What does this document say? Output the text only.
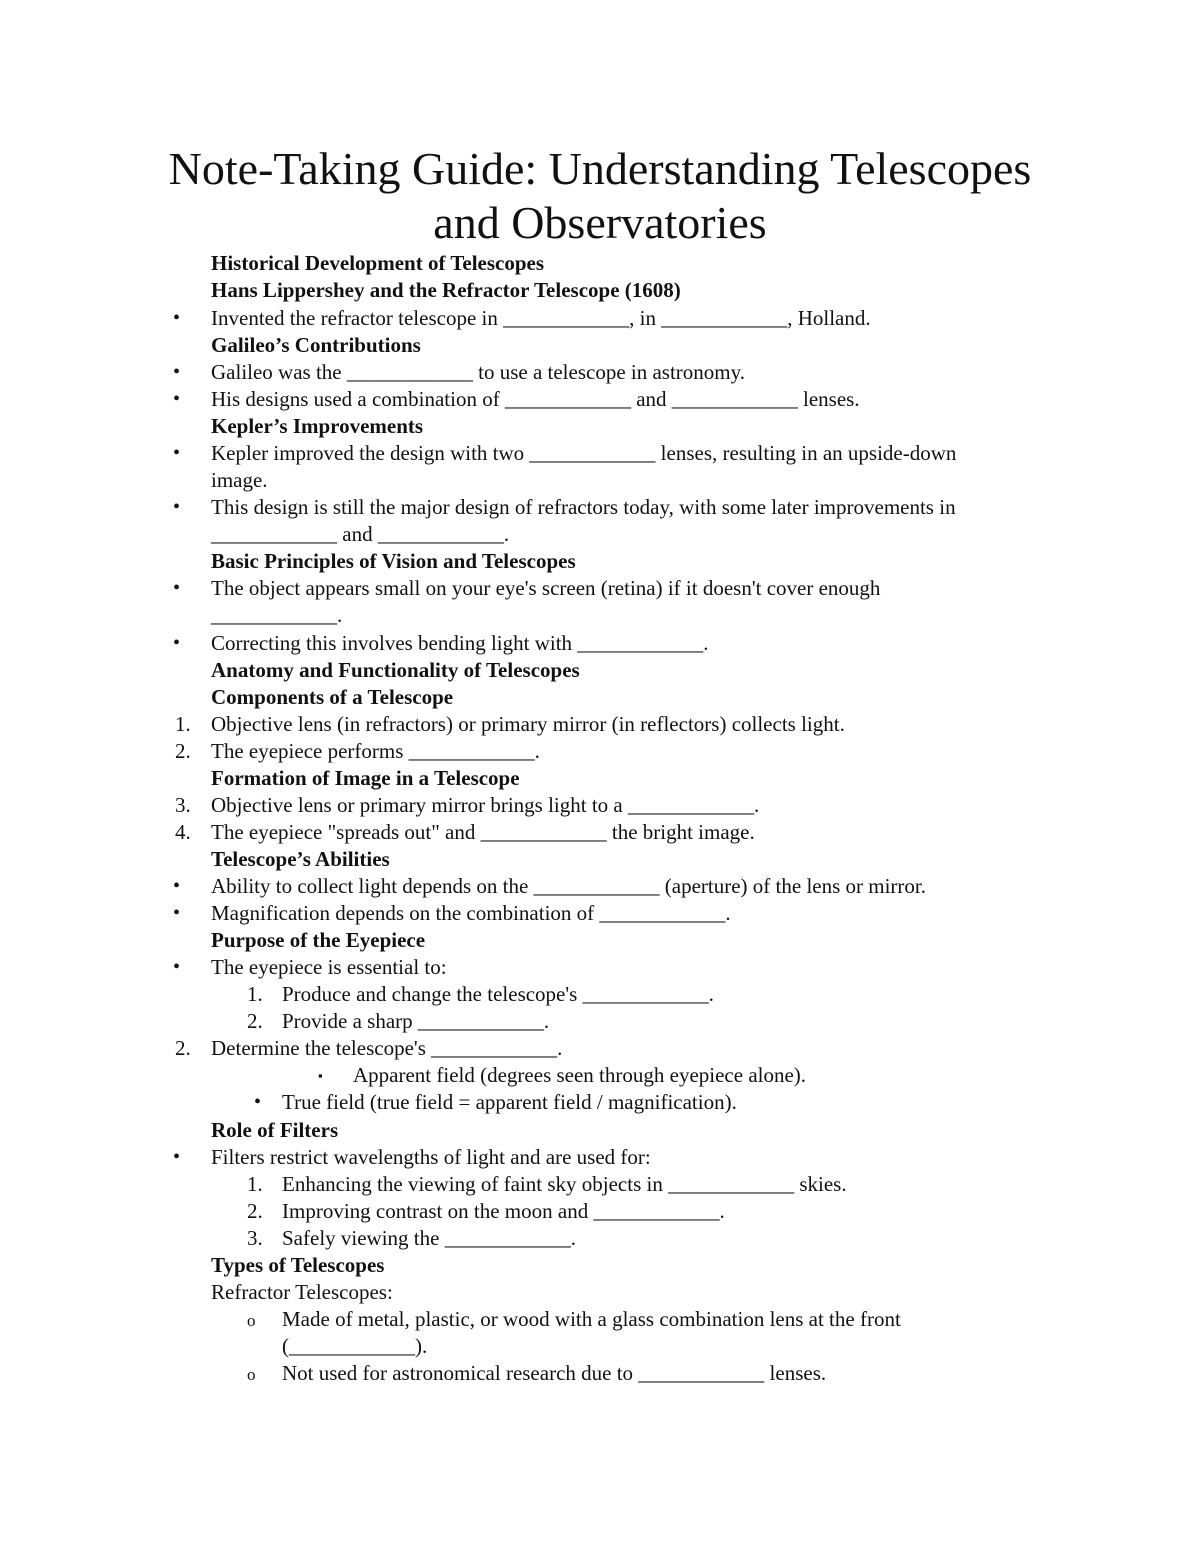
Note-Taking Guide: Understanding Telescopes
and Observatories
Historical Development of Telescopes
Hans Lippershey and the Refractor Telescope (1608)
• Invented the refractor telescope in ____________, in ____________, Holland.
Galileo’s Contributions
• Galileo was the ____________ to use a telescope in astronomy.
• His designs used a combination of ____________ and ____________ lenses.
Kepler’s Improvements
• Kepler improved the design with two ____________ lenses, resulting in an upside-down
image.
• This design is still the major design of refractors today, with some later improvements in
____________ and ____________.
Basic Principles of Vision and Telescopes
• The object appears small on your eye's screen (retina) if it doesn't cover enough
____________.
• Correcting this involves bending light with ____________.
Anatomy and Functionality of Telescopes
Components of a Telescope
1. Objective lens (in refractors) or primary mirror (in reflectors) collects light.
2. The eyepiece performs ____________.
Formation of Image in a Telescope
3. Objective lens or primary mirror brings light to a ____________.
4. The eyepiece "spreads out" and ____________ the bright image.
Telescope’s Abilities
• Ability to collect light depends on the ____________ (aperture) of the lens or mirror.
• Magnification depends on the combination of ____________.
Purpose of the Eyepiece
• The eyepiece is essential to:
1. Produce and change the telescope's ____________.
2. Provide a sharp ____________.
2. Determine the telescope's ____________.
▪ Apparent field (degrees seen through eyepiece alone).
• True field (true field = apparent field / magnification).
Role of Filters
• Filters restrict wavelengths of light and are used for:
1. Enhancing the viewing of faint sky objects in ____________ skies.
2. Improving contrast on the moon and ____________.
3. Safely viewing the ____________.
Types of Telescopes
Refractor Telescopes:
o Made of metal, plastic, or wood with a glass combination lens at the front
(____________).
o Not used for astronomical research due to ____________ lenses.
